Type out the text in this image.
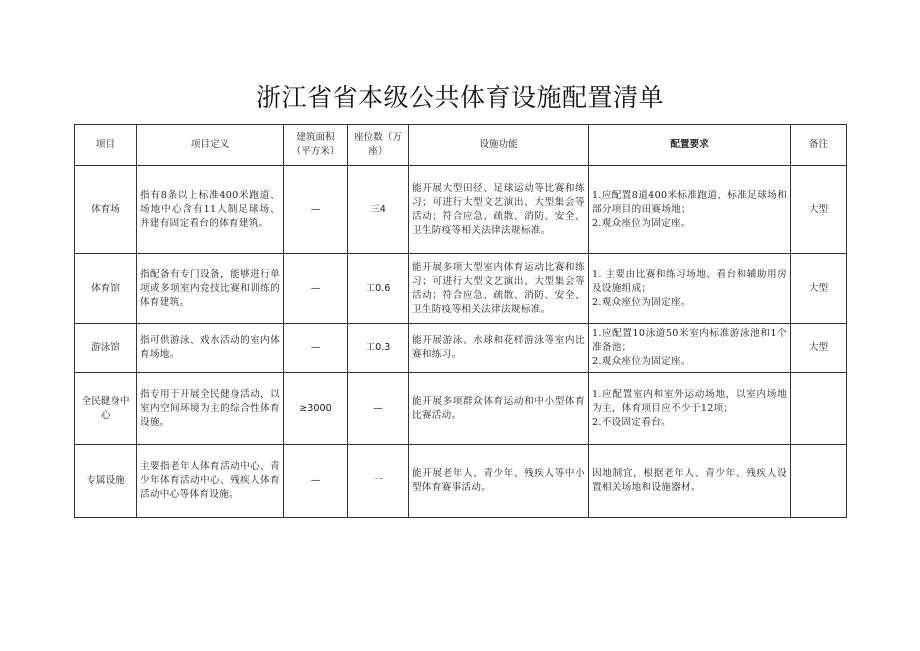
浙江省省本级公共体育设施配置清单
项目	项目定义	建筑面积（平方米）	座位数（万座）	设施功能	配置要求	备注
体育场	指有8条以上标准400米跑道、场地中心含有11人制足球场、并建有固定看台的体育建筑。	—	三4	能开展大型田径、足球运动等比赛和练习；可进行大型文艺演出、大型集会等活动；符合应急、疏散、消防、安全、卫生防疫等相关法律法规标准。	1.应配置8道400米标准跑道、标准足球场和部分项目的田赛场地；
2.观众座位为固定座。	大型
体育馆	指配备有专门设备，能够进行单项或多项室内竞技比赛和训练的体育建筑。	—	工0.6	能开展多项大型室内体育运动比赛和练习；可进行大型文艺演出、大型集会等活动；符合应急、疏散、消防、安全、卫生防疫等相关法律法规标准。	1. 主要由比赛和练习场地、看台和辅助用房及设施组成；
2.观众座位为固定座。	大型
游泳馆	指可供游泳、戏水活动的室内体育场地。	—	工0.3	能开展游泳、水球和花样游泳等室内比赛和练习。	1.应配置10泳道50米室内标准游泳池和1个准备池；
2.观众座位为固定座。	大型
全民健身中心	指专用于开展全民健身活动，以室内空间环境为主的综合性体育设施。	≥3000	—	能开展多项群众体育运动和中小型体育比赛活动。	1.应配置室内和室外运动场地，以室内场地为主，体育项目应不少于12项；
2.不设固定看台。	

专属设施	主要指老年人体育活动中心、青少年体育活动中心、残疾人体育活动中心等体育设施。	—	一	能开展老年人、青少年、残疾人等中小型体育赛事活动。	因地制宜，根据老年人、青少年、残疾人设置相关场地和设施器材。	
